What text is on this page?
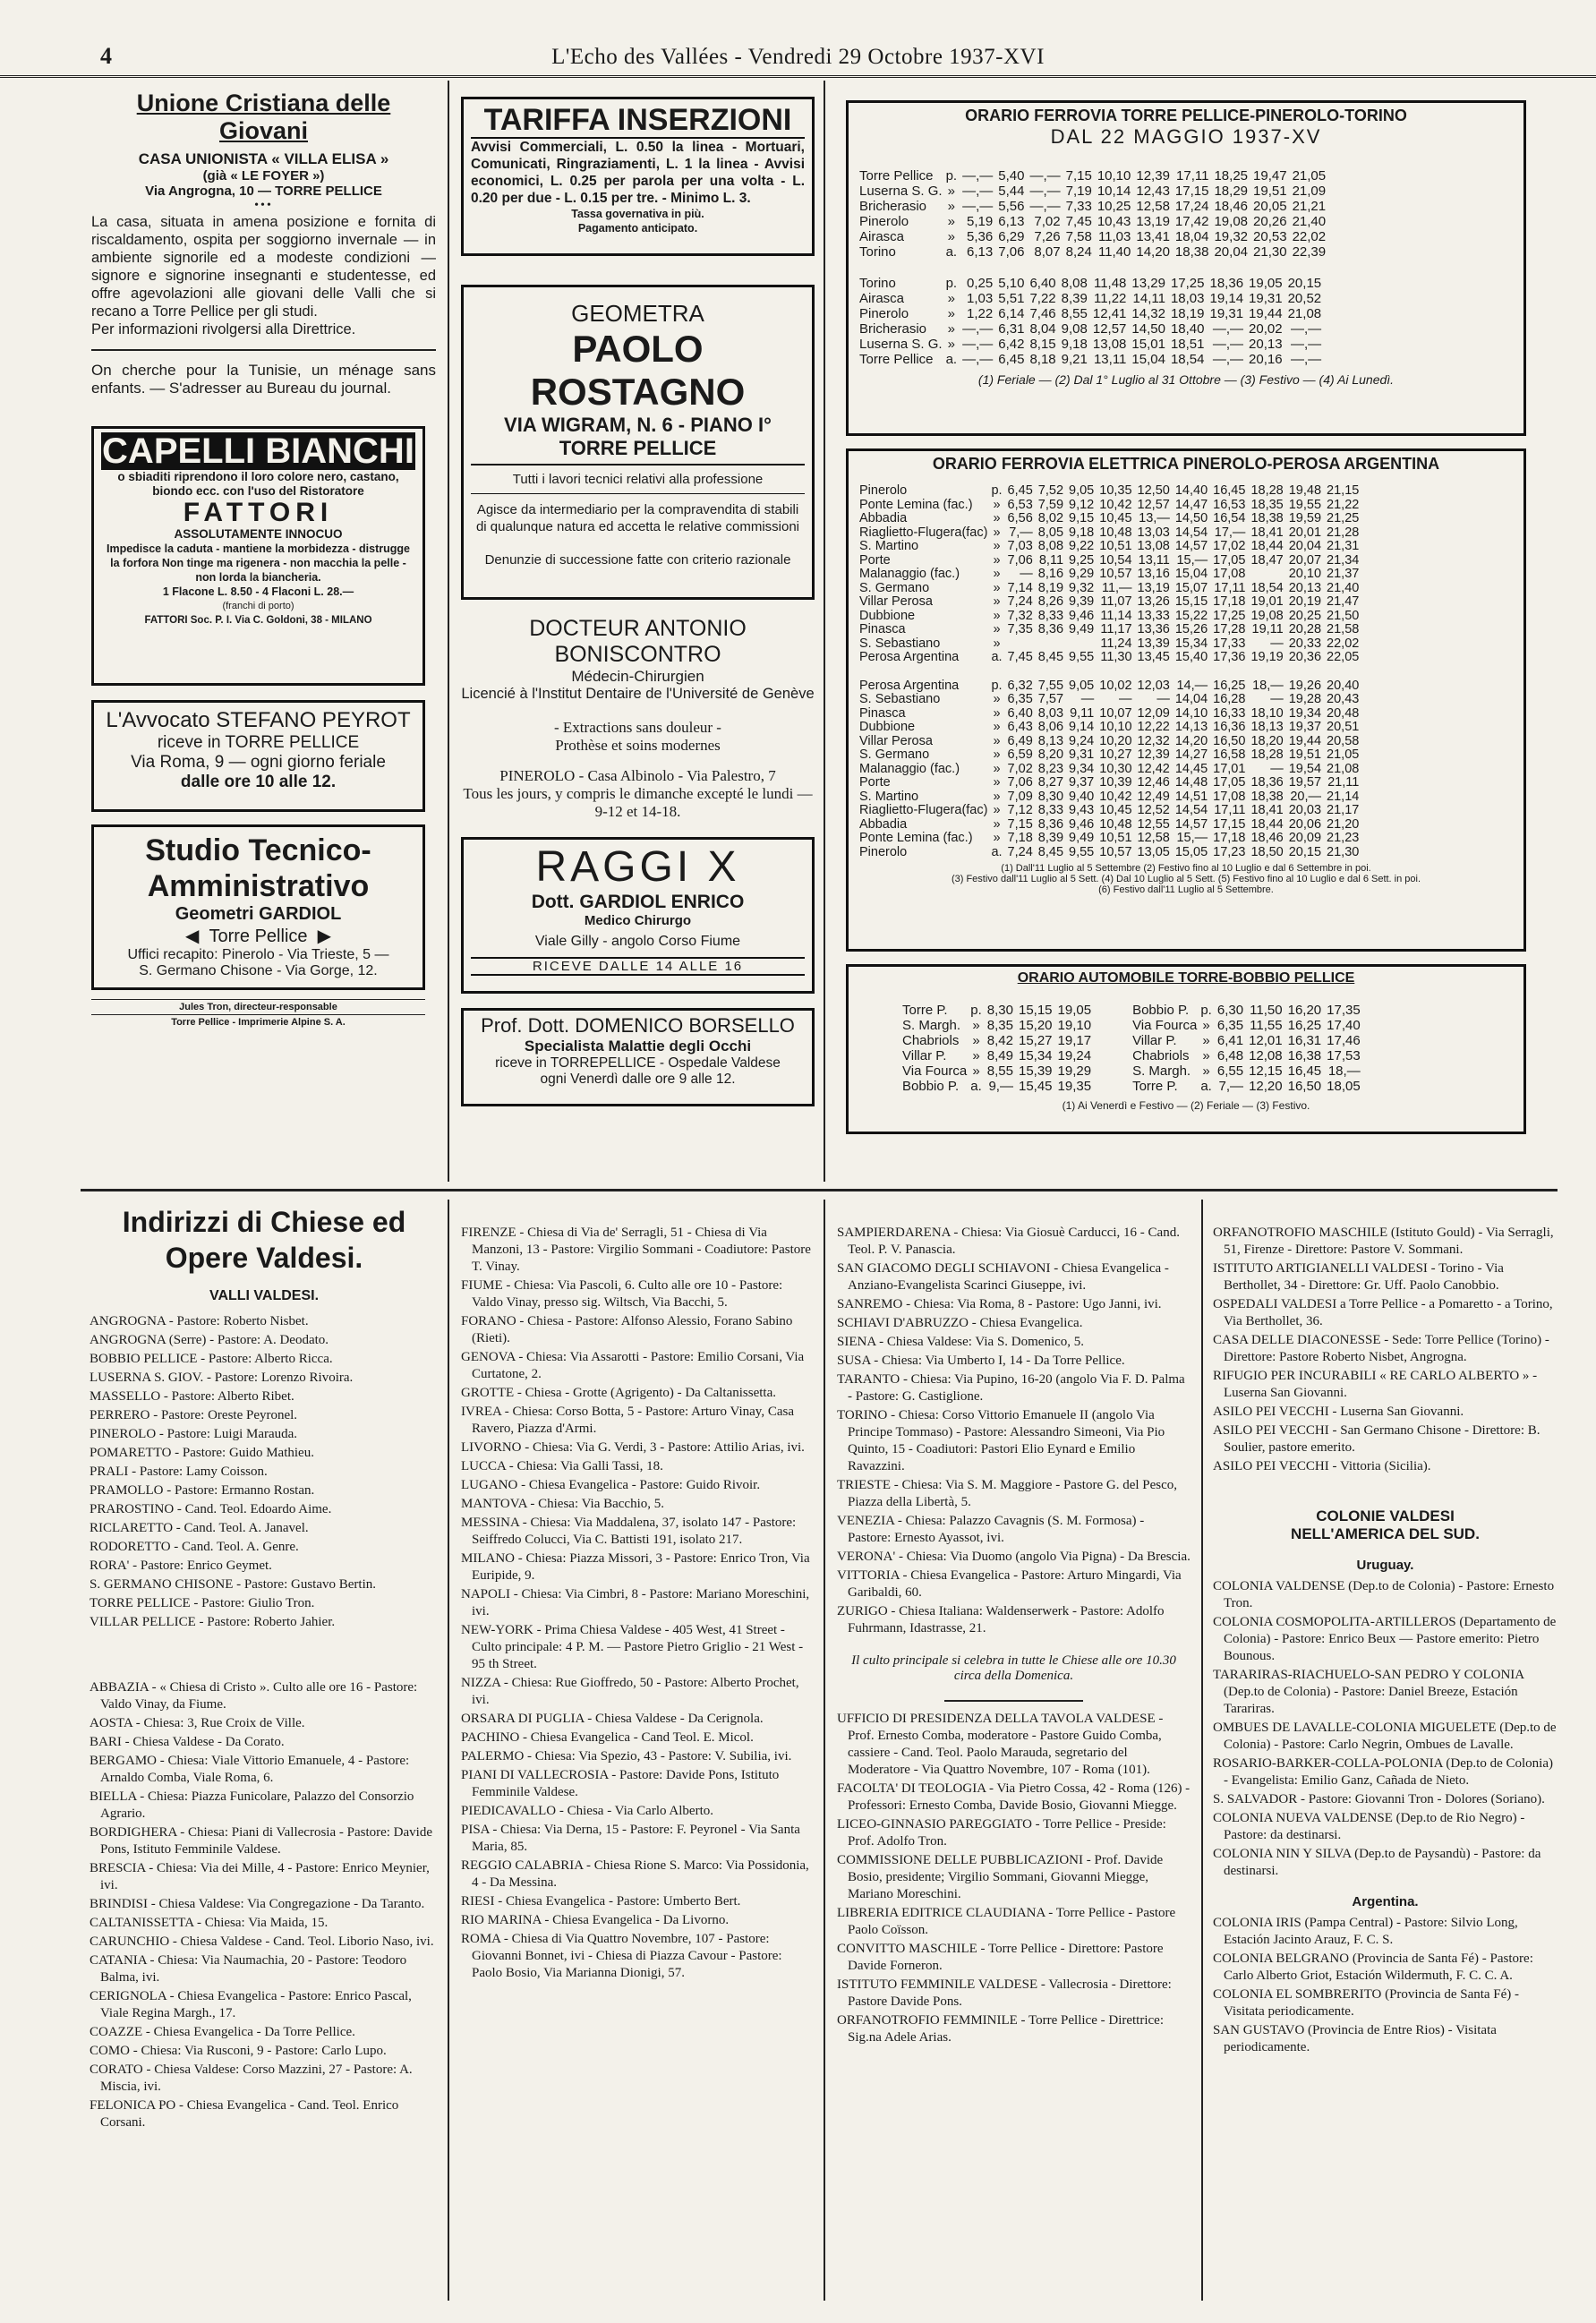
4	L'Echo des Vallées - Vendredi 29 Octobre 1937-XVI
Unione Cristiana delle Giovani
CASA UNIONISTA « VILLA ELISA »
(già « LE FOYER »)
Via Angrogna, 10 — TORRE PELLICE
•••
La casa, situata in amena posizione e fornita di riscaldamento, ospita per soggiorno invernale — in ambiente signorile ed a modeste condizioni — signore e signorine insegnanti e studentesse, ed offre agevolazioni alle giovani delle Valli che si recano a Torre Pellice per gli studi.
Per informazioni rivolgersi alla Direttrice.
On cherche pour la Tunisie, un ménage sans enfants. — S'adresser au Bureau du journal.
CAPELLI BIANCHI
o sbiaditi riprendono il loro colore nero, castano, biondo ecc. con l'uso del Ristoratore
FATTORI
ASSOLUTAMENTE INNOCUO
Impedisce la caduta - mantiene la morbidezza - distrugge la forfora Non tinge ma rigenera - non macchia la pelle - non lorda la biancheria.
1 Flacone L. 8.50 - 4 Flaconi L. 28.—
(franchi di porto)
FATTORI Soc. P. I. Via C. Goldoni, 38 - MILANO
L'Avvocato STEFANO PEYROT
riceve in TORRE PELLICE
Via Roma, 9 — ogni giorno feriale
dalle ore 10 alle 12.
Studio Tecnico-Amministrativo
Geometri GARDIOL
◀ Torre Pellice ▶
Uffici recapito: Pinerolo - Via Trieste, 5 —
S. Germano Chisone - Via Gorge, 12.
Jules Tron, directeur-responsable
Torre Pellice - Imprimerie Alpine S. A.
TARIFFA INSERZIONI
Avvisi Commerciali, L. 0.50 la linea - Mortuari, Comunicati, Ringraziamenti, L. 1 la linea - Avvisi economici, L. 0.25 per parola per una volta - L. 0.20 per due - L. 0.15 per tre. - Minimo L. 3.
Tassa governativa in più.
Pagamento anticipato.
GEOMETRA
PAOLO ROSTAGNO
VIA WIGRAM, N. 6 - PIANO I°
TORRE PELLICE
Tutti i lavori tecnici relativi alla professione
Agisce da intermediario per la compravendita di stabili di qualunque natura ed accetta le relative commissioni
Denunzie di successione fatte con criterio razionale
DOCTEUR ANTONIO BONISCONTRO
Médecin-Chirurgien
Licencié à l'Institut Dentaire de l'Université de Genève
- Extractions sans douleur -
Prothèse et soins modernes
PINEROLO - Casa Albinolo - Via Palestro, 7
Tous les jours, y compris le dimanche excepté le lundi — 9-12 et 14-18.
RAGGI X
Dott. GARDIOL ENRICO
Medico Chirurgo
Viale Gilly - angolo Corso Fiume
RICEVE DALLE 14 ALLE 16
Prof. Dott. DOMENICO BORSELLO
Specialista Malattie degli Occhi
riceve in TORREPELLICE - Ospedale Valdese
ogni Venerdì dalle ore 9 alle 12.
ORARIO FERROVIA TORRE PELLICE-PINEROLO-TORINO
DAL 22 MAGGIO 1937-XV
Torre Pellice	p.	—,—	5,40	—,—	7,15	10,10	12,39	17,11	18,25	19,47	21,05
Luserna S. G.	»	—,—	5,44	—,—	7,19	10,14	12,43	17,15	18,29	19,51	21,09
Bricherasio	»	—,—	5,56	—,—	7,33	10,25	12,58	17,24	18,46	20,05	21,21
Pinerolo	»	5,19	6,13	7,02	7,45	10,43	13,19	17,42	19,08	20,26	21,40
Airasca	»	5,36	6,29	7,26	7,58	11,03	13,41	18,04	19,32	20,53	22,02
Torino	a.	6,13	7,06	8,07	8,24	11,40	14,20	18,38	20,04	21,30	22,39
Torino	p.	0,25	5,10	6,40	8,08	11,48	13,29	17,25	18,36	19,05	20,15
Airasca	»	1,03	5,51	7,22	8,39	11,22	14,11	18,03	19,14	19,31	20,52
Pinerolo	»	1,22	6,14	7,46	8,55	12,41	14,32	18,19	19,31	19,44	21,08
Bricherasio	»	—,—	6,31	8,04	9,08	12,57	14,50	18,40	—,—	20,02	—,—
Luserna S. G.	»	—,—	6,42	8,15	9,18	13,08	15,01	18,51	—,—	20,13	—,—
Torre Pellice	a.	—,—	6,45	8,18	9,21	13,11	15,04	18,54	—,—	20,16	—,—
(1) Feriale — (2) Dal 1° Luglio al 31 Ottobre — (3) Festivo — (4) Ai Lunedì.
ORARIO FERROVIA ELETTRICA PINEROLO-PEROSA ARGENTINA
Pinerolo	p.	6,45	7,52	9,05	10,35	12,50	14,40	16,45	18,28	19,48	21,15
Ponte Lemina (fac.)	»	6,53	7,59	9,12	10,42	12,57	14,47	16,53	18,35	19,55	21,22
Abbadia	»	6,56	8,02	9,15	10,45	13,—	14,50	16,54	18,38	19,59	21,25
Riaglietto-Flugera(fac)	»	7,—	8,05	9,18	10,48	13,03	14,54	17,—	18,41	20,01	21,28
S. Martino	»	7,03	8,08	9,22	10,51	13,08	14,57	17,02	18,44	20,04	21,31
Porte	»	7,06	8,11	9,25	10,54	13,11	15,—	17,05	18,47	20,07	21,34
Malanaggio (fac.)	»	—	8,16	9,29	10,57	13,16	15,04	17,08		20,10	21,37
S. Germano	»	7,14	8,19	9,32	11,—	13,19	15,07	17,11	18,54	20,13	21,40
Villar Perosa	»	7,24	8,26	9,39	11,07	13,26	15,15	17,18	19,01	20,19	21,47
Dubbione	»	7,32	8,33	9,46	11,14	13,33	15,22	17,25	19,08	20,25	21,50
Pinasca	»	7,35	8,36	9,49	11,17	13,36	15,26	17,28	19,11	20,28	21,58
S. Sebastiano	»				11,24	13,39	15,34	17,33	—	20,33	22,02
Perosa Argentina	a.	7,45	8,45	9,55	11,30	13,45	15,40	17,36	19,19	20,36	22,05
Perosa Argentina	p.	6,32	7,55	9,05	10,02	12,03	14,—	16,25	18,—	19,26	20,40
S. Sebastiano	»	6,35	7,57	—	—	—	14,04	16,28	—	19,28	20,43
Pinasca	»	6,40	8,03	9,11	10,07	12,09	14,10	16,33	18,10	19,34	20,48
Dubbione	»	6,43	8,06	9,14	10,10	12,22	14,13	16,36	18,13	19,37	20,51
Villar Perosa	»	6,49	8,13	9,24	10,20	12,32	14,20	16,50	18,20	19,44	20,58
S. Germano	»	6,59	8,20	9,31	10,27	12,39	14,27	16,58	18,28	19,51	21,05
Malanaggio (fac.)	»	7,02	8,23	9,34	10,30	12,42	14,45	17,01	—	19,54	21,08
Porte	»	7,06	8,27	9,37	10,39	12,46	14,48	17,05	18,36	19,57	21,11
S. Martino	»	7,09	8,30	9,40	10,42	12,49	14,51	17,08	18,38	20,—	21,14
Riaglietto-Flugera(fac)	»	7,12	8,33	9,43	10,45	12,52	14,54	17,11	18,41	20,03	21,17
Abbadia	»	7,15	8,36	9,46	10,48	12,55	14,57	17,15	18,44	20,06	21,20
Ponte Lemina (fac.)	»	7,18	8,39	9,49	10,51	12,58	15,—	17,18	18,46	20,09	21,23
Pinerolo	a.	7,24	8,45	9,55	10,57	13,05	15,05	17,23	18,50	20,15	21,30
(1) Dall'11 Luglio al 5 Settembre (2) Festivo fino al 10 Luglio e dal 6 Settembre in poi.
(3) Festivo dall'11 Luglio al 5 Sett. (4) Dal 10 Luglio al 5 Sett. (5) Festivo fino al 10 Luglio e dal 6 Sett. in poi.
(6) Festivo dall'11 Luglio al 5 Settembre.
ORARIO AUTOMOBILE TORRE-BOBBIO PELLICE
Torre P.	p.	8,30	15,15	19,05
S. Margh.	»	8,35	15,20	19,10
Chabriols	»	8,42	15,27	19,17
Villar P.	»	8,49	15,34	19,24
Via Fourca	»	8,55	15,39	19,29
Bobbio P.	a.	9,—	15,45	19,35
Bobbio P.	p.	6,30	11,50	16,20	17,35
Via Fourca	»	6,35	11,55	16,25	17,40
Villar P.	»	6,41	12,01	16,31	17,46
Chabriols	»	6,48	12,08	16,38	17,53
S. Margh.	»	6,55	12,15	16,45	18,—
Torre P.	a.	7,—	12,20	16,50	18,05
(1) Ai Venerdì e Festivo — (2) Feriale — (3) Festivo.
Indirizzi di Chiese ed Opere Valdesi.
VALLI VALDESI.
ANGROGNA - Pastore: Roberto Nisbet.
ANGROGNA (Serre) - Pastore: A. Deodato.
BOBBIO PELLICE - Pastore: Alberto Ricca.
LUSERNA S. GIOV. - Pastore: Lorenzo Rivoira.
MASSELLO - Pastore: Alberto Ribet.
PERRERO - Pastore: Oreste Peyronel.
PINEROLO - Pastore: Luigi Marauda.
POMARETTO - Pastore: Guido Mathieu.
PRALI - Pastore: Lamy Coisson.
PRAMOLLO - Pastore: Ermanno Rostan.
PRAROSTINO - Cand. Teol. Edoardo Aime.
RICLARETTO - Cand. Teol. A. Janavel.
RODORETTO - Cand. Teol. A. Genre.
RORA' - Pastore: Enrico Geymet.
S. GERMANO CHISONE - Pastore: Gustavo Bertin.
TORRE PELLICE - Pastore: Giulio Tron.
VILLAR PELLICE - Pastore: Roberto Jahier.
ABBAZIA - « Chiesa di Cristo ». Culto alle ore 16 - Pastore: Valdo Vinay, da Fiume.
AOSTA - Chiesa: 3, Rue Croix de Ville.
BARI - Chiesa Valdese - Da Corato.
BERGAMO - Chiesa: Viale Vittorio Emanuele, 4 - Pastore: Arnaldo Comba, Viale Roma, 6.
BIELLA - Chiesa: Piazza Funicolare, Palazzo del Consorzio Agrario.
BORDIGHERA - Chiesa: Piani di Vallecrosia - Pastore: Davide Pons, Istituto Femminile Valdese.
BRESCIA - Chiesa: Via dei Mille, 4 - Pastore: Enrico Meynier, ivi.
BRINDISI - Chiesa Valdese: Via Congregazione - Da Taranto.
CALTANISSETTA - Chiesa: Via Maida, 15.
CARUNCHIO - Chiesa Valdese - Cand. Teol. Liborio Naso, ivi.
CATANIA - Chiesa: Via Naumachia, 20 - Pastore: Teodoro Balma, ivi.
CERIGNOLA - Chiesa Evangelica - Pastore: Enrico Pascal, Viale Regina Margh., 17.
COAZZE - Chiesa Evangelica - Da Torre Pellice.
COMO - Chiesa: Via Rusconi, 9 - Pastore: Carlo Lupo.
CORATO - Chiesa Valdese: Corso Mazzini, 27 - Pastore: A. Miscia, ivi.
FELONICA PO - Chiesa Evangelica - Cand. Teol. Enrico Corsani.
FIRENZE - Chiesa di Via de' Serragli, 51 - Chiesa di Via Manzoni, 13 - Pastore: Virgilio Sommani - Coadiutore: Pastore T. Vinay.
FIUME - Chiesa: Via Pascoli, 6. Culto alle ore 10 - Pastore: Valdo Vinay, presso sig. Wiltsch, Via Bacchi, 5.
FORANO - Chiesa - Pastore: Alfonso Alessio, Forano Sabino (Rieti).
GENOVA - Chiesa: Via Assarotti - Pastore: Emilio Corsani, Via Curtatone, 2.
GROTTE - Chiesa - Grotte (Agrigento) - Da Caltanissetta.
IVREA - Chiesa: Corso Botta, 5 - Pastore: Arturo Vinay, Casa Ravero, Piazza d'Armi.
LIVORNO - Chiesa: Via G. Verdi, 3 - Pastore: Attilio Arias, ivi.
LUCCA - Chiesa: Via Galli Tassi, 18.
LUGANO - Chiesa Evangelica - Pastore: Guido Rivoir.
MANTOVA - Chiesa: Via Bacchio, 5.
MESSINA - Chiesa: Via Maddalena, 37, isolato 147 - Pastore: Seiffredo Colucci, Via C. Battisti 191, isolato 217.
MILANO - Chiesa: Piazza Missori, 3 - Pastore: Enrico Tron, Via Euripide, 9.
NAPOLI - Chiesa: Via Cimbri, 8 - Pastore: Mariano Moreschini, ivi.
NEW-YORK - Prima Chiesa Valdese - 405 West, 41 Street - Culto principale: 4 P. M. — Pastore Pietro Griglio - 21 West - 95 th Street.
NIZZA - Chiesa: Rue Gioffredo, 50 - Pastore: Alberto Prochet, ivi.
ORSARA DI PUGLIA - Chiesa Valdese - Da Cerignola.
PACHINO - Chiesa Evangelica - Cand Teol. E. Micol.
PALERMO - Chiesa: Via Spezio, 43 - Pastore: V. Subilia, ivi.
PIANI DI VALLECROSIA - Pastore: Davide Pons, Istituto Femminile Valdese.
PIEDICAVALLO - Chiesa - Via Carlo Alberto.
PISA - Chiesa: Via Derna, 15 - Pastore: F. Peyronel - Via Santa Maria, 85.
REGGIO CALABRIA - Chiesa Rione S. Marco: Via Possidonia, 4 - Da Messina.
RIESI - Chiesa Evangelica - Pastore: Umberto Bert.
RIO MARINA - Chiesa Evangelica - Da Livorno.
ROMA - Chiesa di Via Quattro Novembre, 107 - Pastore: Giovanni Bonnet, ivi - Chiesa di Piazza Cavour - Pastore: Paolo Bosio, Via Marianna Dionigi, 57.
SAMPIERDARENA - Chiesa: Via Giosuè Carducci, 16 - Cand. Teol. P. V. Panascia.
SAN GIACOMO DEGLI SCHIAVONI - Chiesa Evangelica - Anziano-Evangelista Scarinci Giuseppe, ivi.
SANREMO - Chiesa: Via Roma, 8 - Pastore: Ugo Janni, ivi.
SCHIAVI D'ABRUZZO - Chiesa Evangelica.
SIENA - Chiesa Valdese: Via S. Domenico, 5.
SUSA - Chiesa: Via Umberto I, 14 - Da Torre Pellice.
TARANTO - Chiesa: Via Pupino, 16-20 (angolo Via F. D. Palma - Pastore: G. Castiglione.
TORINO - Chiesa: Corso Vittorio Emanuele II (angolo Via Principe Tommaso) - Pastore: Alessandro Simeoni, Via Pio Quinto, 15 - Coadiutori: Pastori Elio Eynard e Emilio Ravazzini.
TRIESTE - Chiesa: Via S. M. Maggiore - Pastore G. del Pesco, Piazza della Libertà, 5.
VENEZIA - Chiesa: Palazzo Cavagnis (S. M. Formosa) - Pastore: Ernesto Ayassot, ivi.
VERONA' - Chiesa: Via Duomo (angolo Via Pigna) - Da Brescia.
VITTORIA - Chiesa Evangelica - Pastore: Arturo Mingardi, Via Garibaldi, 60.
ZURIGO - Chiesa Italiana: Waldenserwerk - Pastore: Adolfo Fuhrmann, Idastrasse, 21.
Il culto principale si celebra in tutte le Chiese alle ore 10.30 circa della Domenica.
UFFICIO DI PRESIDENZA DELLA TAVOLA VALDESE - Prof. Ernesto Comba, moderatore - Pastore Guido Comba, cassiere - Cand. Teol. Paolo Marauda, segretario del Moderatore - Via Quattro Novembre, 107 - Roma (101).
FACOLTA' DI TEOLOGIA - Via Pietro Cossa, 42 - Roma (126) - Professori: Ernesto Comba, Davide Bosio, Giovanni Miegge.
LICEO-GINNASIO PAREGGIATO - Torre Pellice - Preside: Prof. Adolfo Tron.
COMMISSIONE DELLE PUBBLICAZIONI - Prof. Davide Bosio, presidente; Virgilio Sommani, Giovanni Miegge, Mariano Moreschini.
LIBRERIA EDITRICE CLAUDIANA - Torre Pellice - Pastore Paolo Coïsson.
CONVITTO MASCHILE - Torre Pellice - Direttore: Pastore Davide Forneron.
ISTITUTO FEMMINILE VALDESE - Vallecrosia - Direttore: Pastore Davide Pons.
ORFANOTROFIO FEMMINILE - Torre Pellice - Direttrice: Sig.na Adele Arias.
ORFANOTROFIO MASCHILE (Istituto Gould) - Via Serragli, 51, Firenze - Direttore: Pastore V. Sommani.
ISTITUTO ARTIGIANELLI VALDESI - Torino - Via Berthollet, 34 - Direttore: Gr. Uff. Paolo Canobbio.
OSPEDALI VALDESI a Torre Pellice - a Pomaretto - a Torino, Via Berthollet, 36.
CASA DELLE DIACONESSE - Sede: Torre Pellice (Torino) - Direttore: Pastore Roberto Nisbet, Angrogna.
RIFUGIO PER INCURABILI « RE CARLO ALBERTO » - Luserna San Giovanni.
ASILO PEI VECCHI - Luserna San Giovanni.
ASILO PEI VECCHI - San Germano Chisone - Direttore: B. Soulier, pastore emerito.
ASILO PEI VECCHI - Vittoria (Sicilia).
COLONIE VALDESI
NELL'AMERICA DEL SUD.
Uruguay.
COLONIA VALDENSE (Dep.to de Colonia) - Pastore: Ernesto Tron.
COLONIA COSMOPOLITA-ARTILLEROS (Departamento de Colonia) - Pastore: Enrico Beux — Pastore emerito: Pietro Bounous.
TARARIRAS-RIACHUELO-SAN PEDRO Y COLONIA (Dep.to de Colonia) - Pastore: Daniel Breeze, Estación Tarariras.
OMBUES DE LAVALLE-COLONIA MIGUELETE (Dep.to de Colonia) - Pastore: Carlo Negrin, Ombues de Lavalle.
ROSARIO-BARKER-COLLA-POLONIA (Dep.to de Colonia) - Evangelista: Emilio Ganz, Cañada de Nieto.
S. SALVADOR - Pastore: Giovanni Tron - Dolores (Soriano).
COLONIA NUEVA VALDENSE (Dep.to de Rio Negro) - Pastore: da destinarsi.
COLONIA NIN Y SILVA (Dep.to de Paysandù) - Pastore: da destinarsi.
Argentina.
COLONIA IRIS (Pampa Central) - Pastore: Silvio Long, Estación Jacinto Arauz, F. C. S.
COLONIA BELGRANO (Provincia de Santa Fé) - Pastore: Carlo Alberto Griot, Estación Wildermuth, F. C. C. A.
COLONIA EL SOMBRERITO (Provincia de Santa Fé) - Visitata periodicamente.
SAN GUSTAVO (Provincia de Entre Rios) - Visitata periodicamente.
